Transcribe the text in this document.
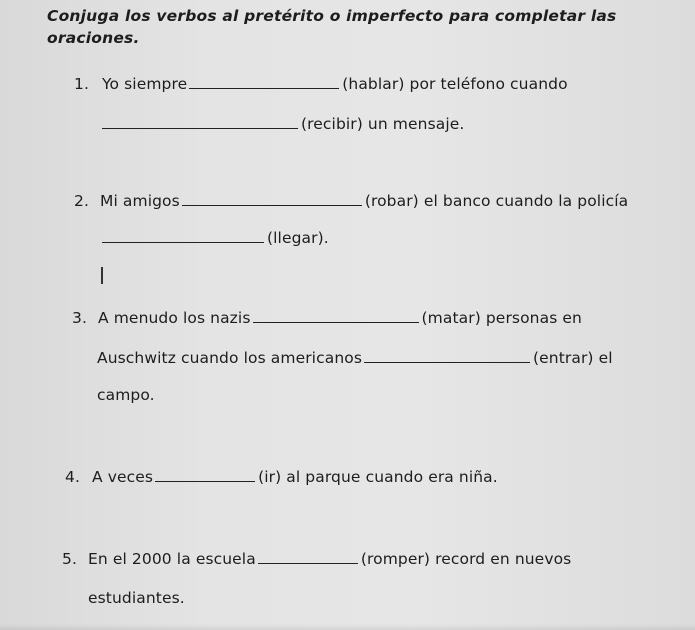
Conjuga los verbos al pretérito o imperfecto para completar las oraciones.
1. Yo siempre	(hablar) por teléfono cuando
(recibir) un mensaje.
2. Mi amigos	(robar) el banco cuando la policía
(llegar).
3. A menudo los nazis	(matar) personas en
Auschwitz cuando los americanos	(entrar) el
campo.
4. A veces	(ir) al parque cuando era niña.
5. En el 2000 la escuela	(romper) record en nuevos
estudiantes.
